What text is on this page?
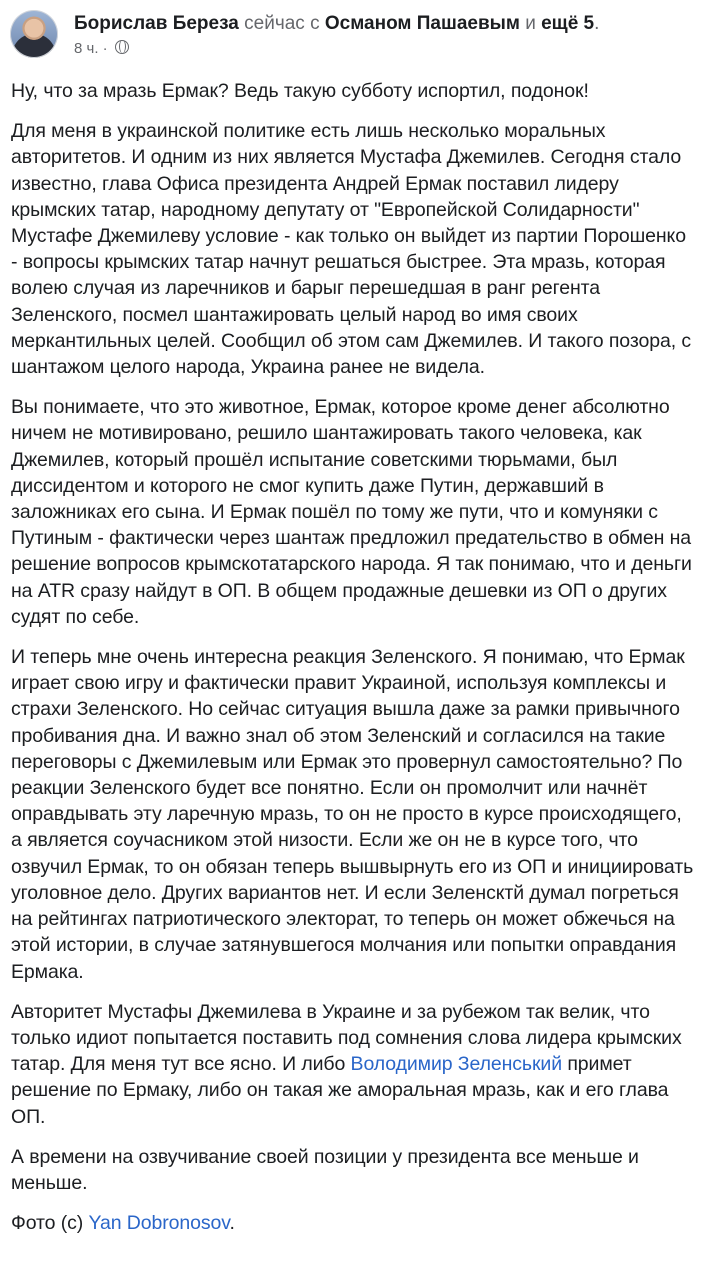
Борислав Береза сейчас с Османом Пашаевым и ещё 5.
8 ч. ·

Ну, что за мразь Ермак? Ведь такую субботу испортил, подонок!

Для меня в украинской политике есть лишь несколько моральных авторитетов. И одним из них является Мустафа Джемилев. Сегодня стало известно, глава Офиса президента Андрей Ермак поставил лидеру крымских татар, народному депутату от "Европейской Солидарности" Мустафе Джемилеву условие - как только он выйдет из партии Порошенко - вопросы крымских татар начнут решаться быстрее. Эта мразь, которая волею случая из ларечников и барыг перешедшая в ранг регента Зеленского, посмел шантажировать целый народ во имя своих меркантильных целей. Сообщил об этом сам Джемилев. И такого позора, с шантажом целого народа, Украина ранее не видела.

Вы понимаете, что это животное, Ермак, которое кроме денег абсолютно ничем не мотивировано, решило шантажировать такого человека, как Джемилев, который прошёл испытание советскими тюрьмами, был диссидентом и которого не смог купить даже Путин, державший в заложниках его сына. И Ермак пошёл по тому же пути, что и комуняки с Путиным - фактически через шантаж предложил предательство в обмен на решение вопросов крымскотатарского народа. Я так понимаю, что и деньги на ATR сразу найдут в ОП. В общем продажные дешевки из ОП о других судят по себе.

И теперь мне очень интересна реакция Зеленского. Я понимаю, что Ермак играет свою игру и фактически правит Украиной, используя комплексы и страхи Зеленского. Но сейчас ситуация вышла даже за рамки привычного пробивания дна. И важно знал об этом Зеленский и согласился на такие переговоры с Джемилевым или Ермак это провернул самостоятельно? По реакции Зеленского будет все понятно. Если он промолчит или начнёт оправдывать эту ларечную мразь, то он не просто в курсе происходящего, а является соучасником этой низости. Если же он не в курсе того, что озвучил Ермак, то он обязан теперь вышвырнуть его из ОП и инициировать уголовное дело. Других вариантов нет. И если Зеленсктй думал погреться на рейтингах патриотического электорат, то теперь он может обжечься на этой истории, в случае затянувшегося молчания или попытки оправдания Ермака.

Авторитет Мустафы Джемилева в Украине и за рубежом так велик, что только идиот попытается поставить под сомнения слова лидера крымских татар. Для меня тут все ясно. И либо Володимир Зеленський примет решение по Ермаку, либо он такая же аморальная мразь, как и его глава ОП.

А времени на озвучивание своей позиции у президента все меньше и меньше.

Фото (с) Yan Dobronosov.
